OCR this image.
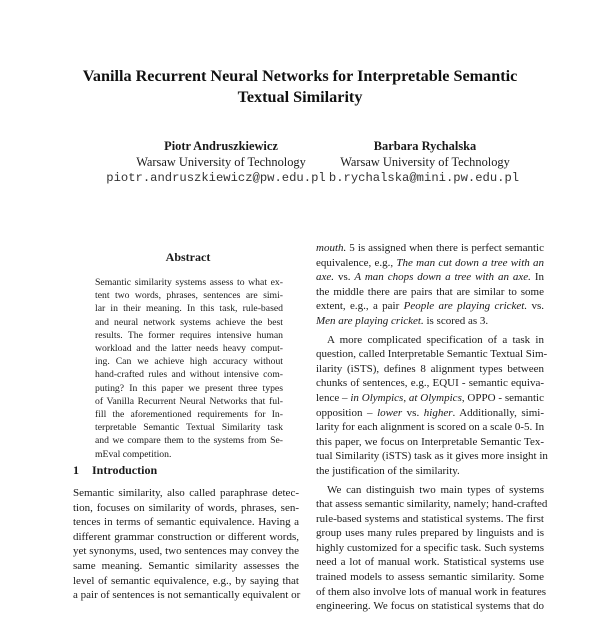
Vanilla Recurrent Neural Networks for Interpretable Semantic Textual Similarity
Piotr Andruszkiewicz
Warsaw University of Technology
piotr.andruszkiewicz@pw.edu.pl
Barbara Rychalska
Warsaw University of Technology
b.rychalska@mini.pw.edu.pl
Abstract
Semantic similarity systems assess to what ex-
tent two words, phrases, sentences are simi-
lar in their meaning. In this task, rule-based
and neural network systems achieve the best
results. The former requires intensive human
workload and the latter needs heavy comput-
ing. Can we achieve high accuracy without
hand-crafted rules and without intensive com-
puting? In this paper we present three types
of Vanilla Recurrent Neural Networks that ful-
fill the aforementioned requirements for In-
terpretable Semantic Textual Similarity task
and we compare them to the systems from Se-
mEval competition.
1 Introduction
Semantic similarity, also called paraphrase detec-
tion, focuses on similarity of words, phrases, sen-
tences in terms of semantic equivalence. Having a
different grammar construction or different words,
yet synonyms, used, two sentences may convey the
same meaning. Semantic similarity assesses the
level of semantic equivalence, e.g., by saying that
a pair of sentences is not semantically equivalent or

mouth. 5 is assigned when there is perfect semantic
equivalence, e.g., The man cut down a tree with an
axe. vs. A man chops down a tree with an axe. In
the middle there are pairs that are similar to some
extent, e.g., a pair People are playing cricket. vs.
Men are playing cricket. is scored as 3.

A more complicated specification of a task in
question, called Interpretable Semantic Textual Sim-
ilarity (iSTS), defines 8 alignment types between
chunks of sentences, e.g., EQUI - semantic equiva-
lence – in Olympics, at Olympics, OPPO - semantic
opposition – lower vs. higher. Additionally, simi-
larity for each alignment is scored on a scale 0-5. In
this paper, we focus on Interpretable Semantic Tex-
tual Similarity (iSTS) task as it gives more insight in
the justification of the similarity.

We can distinguish two main types of systems
that assess semantic similarity, namely; hand-crafted
rule-based systems and statistical systems. The first
group uses many rules prepared by linguists and is
highly customized for a specific task. Such systems
need a lot of manual work. Statistical systems use
trained models to assess semantic similarity. Some
of them also involve lots of manual work in features
engineering. We focus on statistical systems that do
